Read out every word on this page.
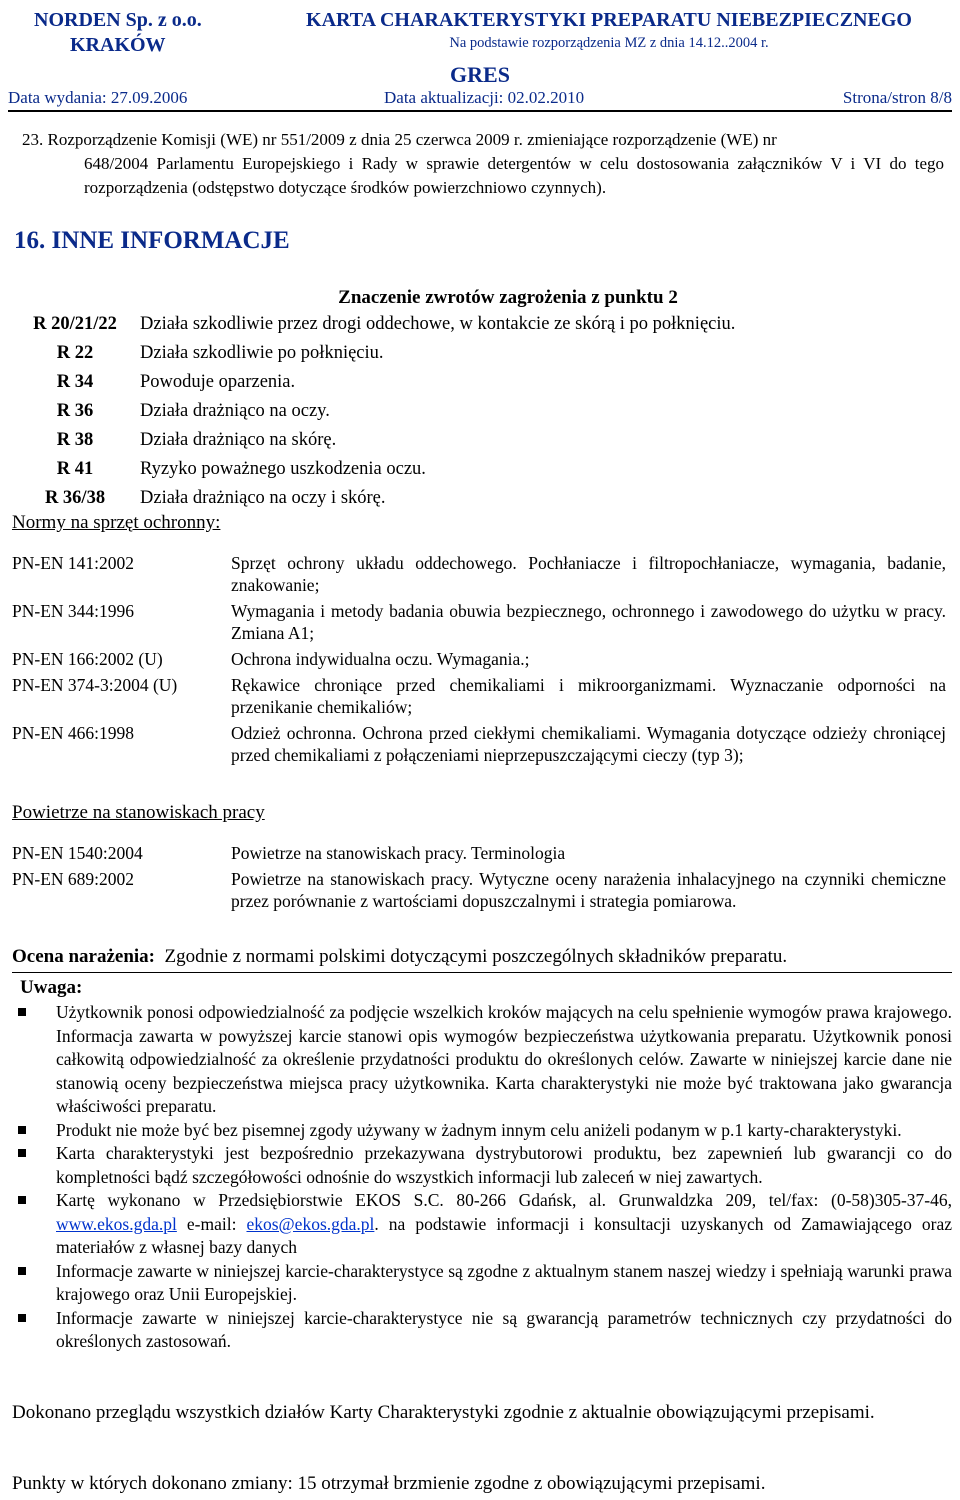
NORDEN Sp. z o.o.
KRAKÓW
KARTA CHARAKTERYSTYKI PREPARATU NIEBEZPIECZNEGO
Na podstawie rozporządzenia MZ z dnia 14.12..2004 r.
GRES
Data wydania: 27.09.2006	Data aktualizacji: 02.02.2010	Strona/stron 8/8
23. Rozporządzenie Komisji (WE) nr 551/2009 z dnia 25 czerwca 2009 r. zmieniające rozporządzenie (WE) nr
648/2004 Parlamentu Europejskiego i Rady w sprawie detergentów w celu dostosowania załączników V i VI do tego rozporządzenia (odstępstwo dotyczące środków powierzchniowo czynnych).
16. INNE INFORMACJE
Znaczenie zwrotów zagrożenia z punktu 2
R 20/21/22	Działa szkodliwie przez drogi oddechowe, w kontakcie ze skórą i po połknięciu.
R 22	Działa szkodliwie po połknięciu.
R 34	Powoduje oparzenia.
R 36	Działa drażniąco na oczy.
R 38	Działa drażniąco na skórę.
R 41	Ryzyko poważnego uszkodzenia oczu.
R 36/38	Działa drażniąco na oczy i skórę.
Normy na sprzęt ochronny:
PN-EN 141:2002	Sprzęt ochrony układu oddechowego. Pochłaniacze i filtropochłaniacze, wymagania, badanie, znakowanie;
PN-EN 344:1996	Wymagania i metody badania obuwia bezpiecznego, ochronnego i zawodowego do użytku w pracy. Zmiana A1;
PN-EN 166:2002 (U)	Ochrona indywidualna oczu. Wymagania.;
PN-EN 374-3:2004 (U)	Rękawice chroniące przed chemikaliami i mikroorganizmami. Wyznaczanie odporności na przenikanie chemikaliów;
PN-EN 466:1998	Odzież ochronna. Ochrona przed ciekłymi chemikaliami. Wymagania dotyczące odzieży chroniącej przed chemikaliami z połączeniami nieprzepuszczającymi cieczy (typ 3);
Powietrze na stanowiskach pracy
PN-EN 1540:2004	Powietrze na stanowiskach pracy. Terminologia
PN-EN 689:2002	Powietrze na stanowiskach pracy. Wytyczne oceny narażenia inhalacyjnego na czynniki chemiczne przez porównanie z wartościami dopuszczalnymi i strategia pomiarowa.
Ocena narażenia: Zgodnie z normami polskimi dotyczącymi poszczególnych składników preparatu.
Uwaga:
Użytkownik ponosi odpowiedzialność za podjęcie wszelkich kroków mających na celu spełnienie wymogów prawa krajowego. Informacja zawarta w powyższej karcie stanowi opis wymogów bezpieczeństwa użytkowania preparatu. Użytkownik ponosi całkowitą odpowiedzialność za określenie przydatności produktu do określonych celów. Zawarte w niniejszej karcie dane nie stanowią oceny bezpieczeństwa miejsca pracy użytkownika. Karta charakterystyki nie może być traktowana jako gwarancja właściwości preparatu.
Produkt nie może być bez pisemnej zgody używany w żadnym innym celu aniżeli podanym w p.1 karty-charakterystyki.
Karta charakterystyki jest bezpośrednio przekazywana dystrybutorowi produktu, bez zapewnień lub gwarancji co do kompletności bądź szczegółowości odnośnie do wszystkich informacji lub zaleceń w niej zawartych.
Kartę wykonano w Przedsiębiorstwie EKOS S.C. 80-266 Gdańsk, al. Grunwaldzka 209, tel/fax: (0-58)305-37-46, www.ekos.gda.pl e-mail: ekos@ekos.gda.pl. na podstawie informacji i konsultacji uzyskanych od Zamawiającego oraz materiałów z własnej bazy danych
Informacje zawarte w niniejszej karcie-charakterystyce są zgodne z aktualnym stanem naszej wiedzy i spełniają warunki prawa krajowego oraz Unii Europejskiej.
Informacje zawarte w niniejszej karcie-charakterystyce nie są gwarancją parametrów technicznych czy przydatności do określonych zastosowań.
Dokonano przeglądu wszystkich działów Karty Charakterystyki zgodnie z aktualnie obowiązującymi przepisami.
Punkty w których dokonano zmiany: 15 otrzymał brzmienie zgodne z obowiązującymi przepisami.
